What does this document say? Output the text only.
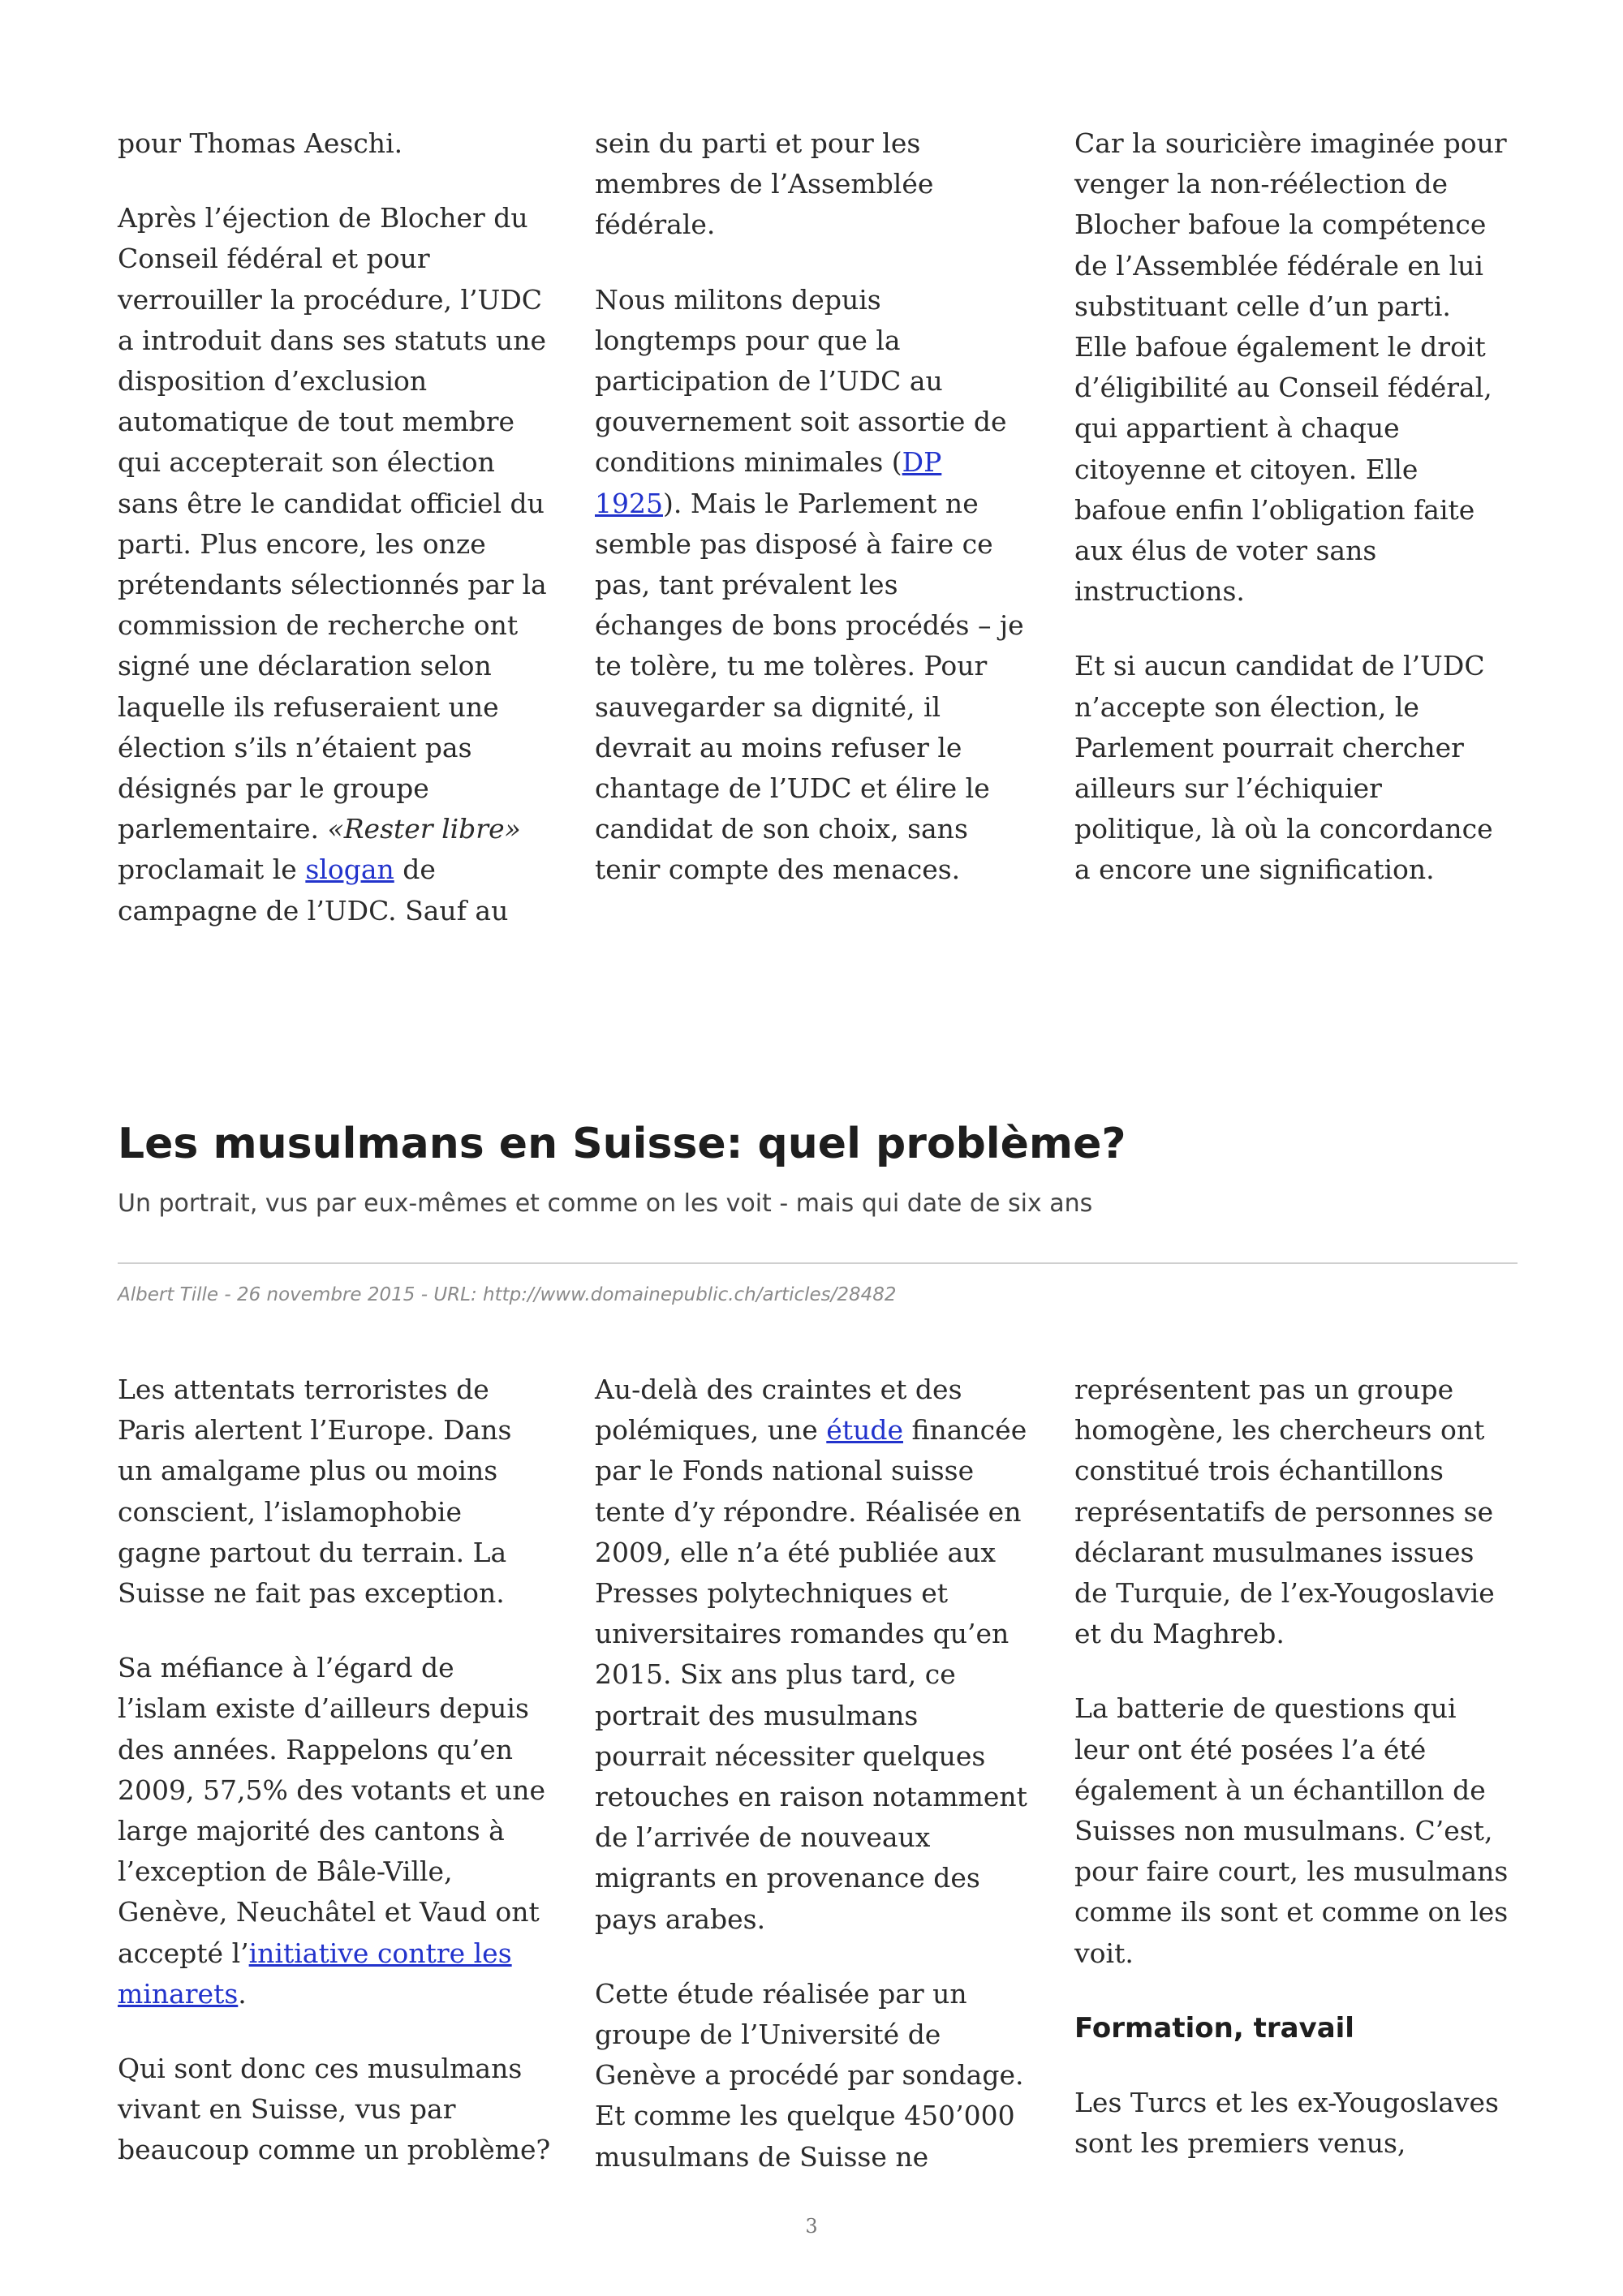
pour Thomas Aeschi.

Après l’éjection de Blocher du
Conseil fédéral et pour
verrouiller la procédure, l’UDC
a introduit dans ses statuts une
disposition d’exclusion
automatique de tout membre
qui accepterait son élection
sans être le candidat officiel du
parti. Plus encore, les onze
prétendants sélectionnés par la
commission de recherche ont
signé une déclaration selon
laquelle ils refuseraient une
élection s’ils n’étaient pas
désignés par le groupe
parlementaire. «Rester libre»
proclamait le slogan de
campagne de l’UDC. Sauf au

sein du parti et pour les
membres de l’Assemblée
fédérale.

Nous militons depuis
longtemps pour que la
participation de l’UDC au
gouvernement soit assortie de
conditions minimales (DP
1925). Mais le Parlement ne
semble pas disposé à faire ce
pas, tant prévalent les
échanges de bons procédés – je
te tolère, tu me tolères. Pour
sauvegarder sa dignité, il
devrait au moins refuser le
chantage de l’UDC et élire le
candidat de son choix, sans
tenir compte des menaces.

Car la souricière imaginée pour
venger la non-réélection de
Blocher bafoue la compétence
de l’Assemblée fédérale en lui
substituant celle d’un parti.
Elle bafoue également le droit
d’éligibilité au Conseil fédéral,
qui appartient à chaque
citoyenne et citoyen. Elle
bafoue enfin l’obligation faite
aux élus de voter sans
instructions.

Et si aucun candidat de l’UDC
n’accepte son élection, le
Parlement pourrait chercher
ailleurs sur l’échiquier
politique, là où la concordance
a encore une signification.

Les musulmans en Suisse: quel problème?

Un portrait, vus par eux-mêmes et comme on les voit - mais qui date de six ans

Albert Tille - 26 novembre 2015 - URL: http://www.domainepublic.ch/articles/28482

Les attentats terroristes de
Paris alertent l’Europe. Dans
un amalgame plus ou moins
conscient, l’islamophobie
gagne partout du terrain. La
Suisse ne fait pas exception.

Sa méfiance à l’égard de
l’islam existe d’ailleurs depuis
des années. Rappelons qu’en
2009, 57,5% des votants et une
large majorité des cantons à
l’exception de Bâle-Ville,
Genève, Neuchâtel et Vaud ont
accepté l’initiative contre les
minarets.

Qui sont donc ces musulmans
vivant en Suisse, vus par
beaucoup comme un problème?

Au-delà des craintes et des
polémiques, une étude financée
par le Fonds national suisse
tente d’y répondre. Réalisée en
2009, elle n’a été publiée aux
Presses polytechniques et
universitaires romandes qu’en
2015. Six ans plus tard, ce
portrait des musulmans
pourrait nécessiter quelques
retouches en raison notamment
de l’arrivée de nouveaux
migrants en provenance des
pays arabes.

Cette étude réalisée par un
groupe de l’Université de
Genève a procédé par sondage.
Et comme les quelque 450’000
musulmans de Suisse ne

représentent pas un groupe
homogène, les chercheurs ont
constitué trois échantillons
représentatifs de personnes se
déclarant musulmanes issues
de Turquie, de l’ex-Yougoslavie
et du Maghreb.

La batterie de questions qui
leur ont été posées l’a été
également à un échantillon de
Suisses non musulmans. C’est,
pour faire court, les musulmans
comme ils sont et comme on les
voit.

Formation, travail

Les Turcs et les ex-Yougoslaves
sont les premiers venus,

3
